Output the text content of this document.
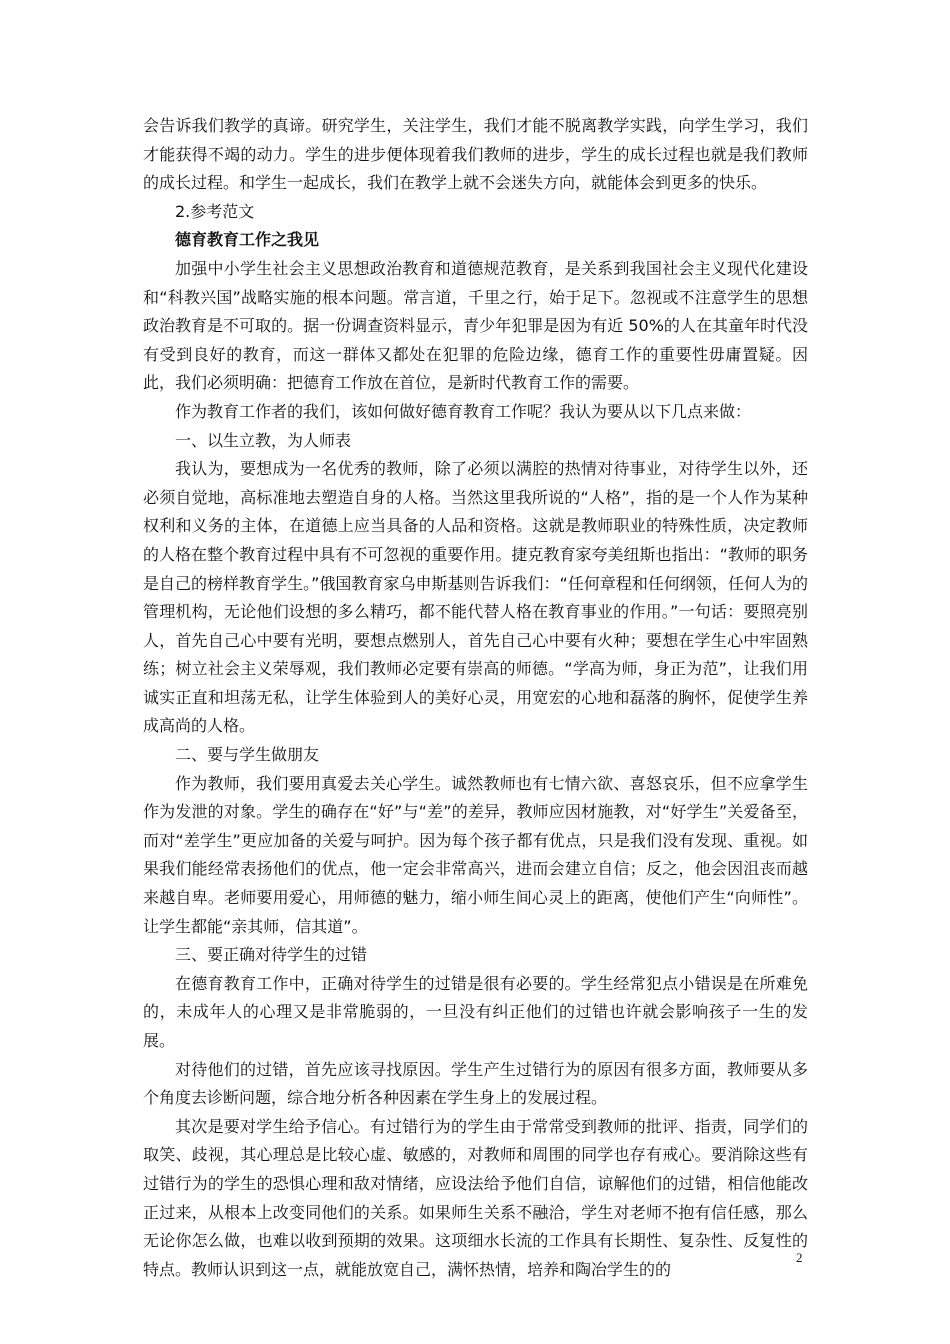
会告诉我们教学的真谛。研究学生，关注学生，我们才能不脱离教学实践，向学生学习，我们才能获得不竭的动力。学生的进步便体现着我们教师的进步，学生的成长过程也就是我们教师的成长过程。和学生一起成长，我们在教学上就不会迷失方向，就能体会到更多的快乐。

2.参考范文

德育教育工作之我见

加强中小学生社会主义思想政治教育和道德规范教育，是关系到我国社会主义现代化建设和“科教兴国”战略实施的根本问题。常言道，千里之行，始于足下。忽视或不注意学生的思想政治教育是不可取的。据一份调查资料显示，青少年犯罪是因为有近 50%的人在其童年时代没有受到良好的教育，而这一群体又都处在犯罪的危险边缘，德育工作的重要性毋庸置疑。因此，我们必须明确：把德育工作放在首位，是新时代教育工作的需要。

作为教育工作者的我们，该如何做好德育教育工作呢？我认为要从以下几点来做：

一、以生立教，为人师表

我认为，要想成为一名优秀的教师，除了必须以满腔的热情对待事业，对待学生以外，还必须自觉地，高标准地去塑造自身的人格。当然这里我所说的“人格”，指的是一个人作为某种权利和义务的主体，在道德上应当具备的人品和资格。这就是教师职业的特殊性质，决定教师的人格在整个教育过程中具有不可忽视的重要作用。捷克教育家夸美纽斯也指出：“教师的职务是自己的榜样教育学生。”俄国教育家乌申斯基则告诉我们：“任何章程和任何纲领，任何人为的管理机构，无论他们设想的多么精巧，都不能代替人格在教育事业的作用。”一句话：要照亮别人，首先自己心中要有光明，要想点燃别人，首先自己心中要有火种；要想在学生心中牢固熟练；树立社会主义荣辱观，我们教师必定要有崇高的师德。“学高为师，身正为范”，让我们用诚实正直和坦荡无私，让学生体验到人的美好心灵，用宽宏的心地和磊落的胸怀，促使学生养成高尚的人格。

二、要与学生做朋友

作为教师，我们要用真爱去关心学生。诚然教师也有七情六欲、喜怒哀乐，但不应拿学生作为发泄的对象。学生的确存在“好”与“差”的差异，教师应因材施教，对“好学生”关爱备至，而对“差学生”更应加备的关爱与呵护。因为每个孩子都有优点，只是我们没有发现、重视。如果我们能经常表扬他们的优点，他一定会非常高兴，进而会建立自信；反之，他会因沮丧而越来越自卑。老师要用爱心，用师德的魅力，缩小师生间心灵上的距离，使他们产生“向师性”。让学生都能“亲其师，信其道”。

三、要正确对待学生的过错

在德育教育工作中，正确对待学生的过错是很有必要的。学生经常犯点小错误是在所难免的，未成年人的心理又是非常脆弱的，一旦没有纠正他们的过错也许就会影响孩子一生的发展。

对待他们的过错，首先应该寻找原因。学生产生过错行为的原因有很多方面，教师要从多个角度去诊断问题，综合地分析各种因素在学生身上的发展过程。

其次是要对学生给予信心。有过错行为的学生由于常常受到教师的批评、指责，同学们的取笑、歧视，其心理总是比较心虚、敏感的，对教师和周围的同学也存有戒心。要消除这些有过错行为的学生的恐惧心理和敌对情绪，应设法给予他们自信，谅解他们的过错，相信他能改正过来，从根本上改变同他们的关系。如果师生关系不融洽，学生对老师不抱有信任感，那么无论你怎么做，也难以收到预期的效果。这项细水长流的工作具有长期性、复杂性、反复性的特点。教师认识到这一点，就能放宽自己，满怀热情，培养和陶冶学生的的

2
